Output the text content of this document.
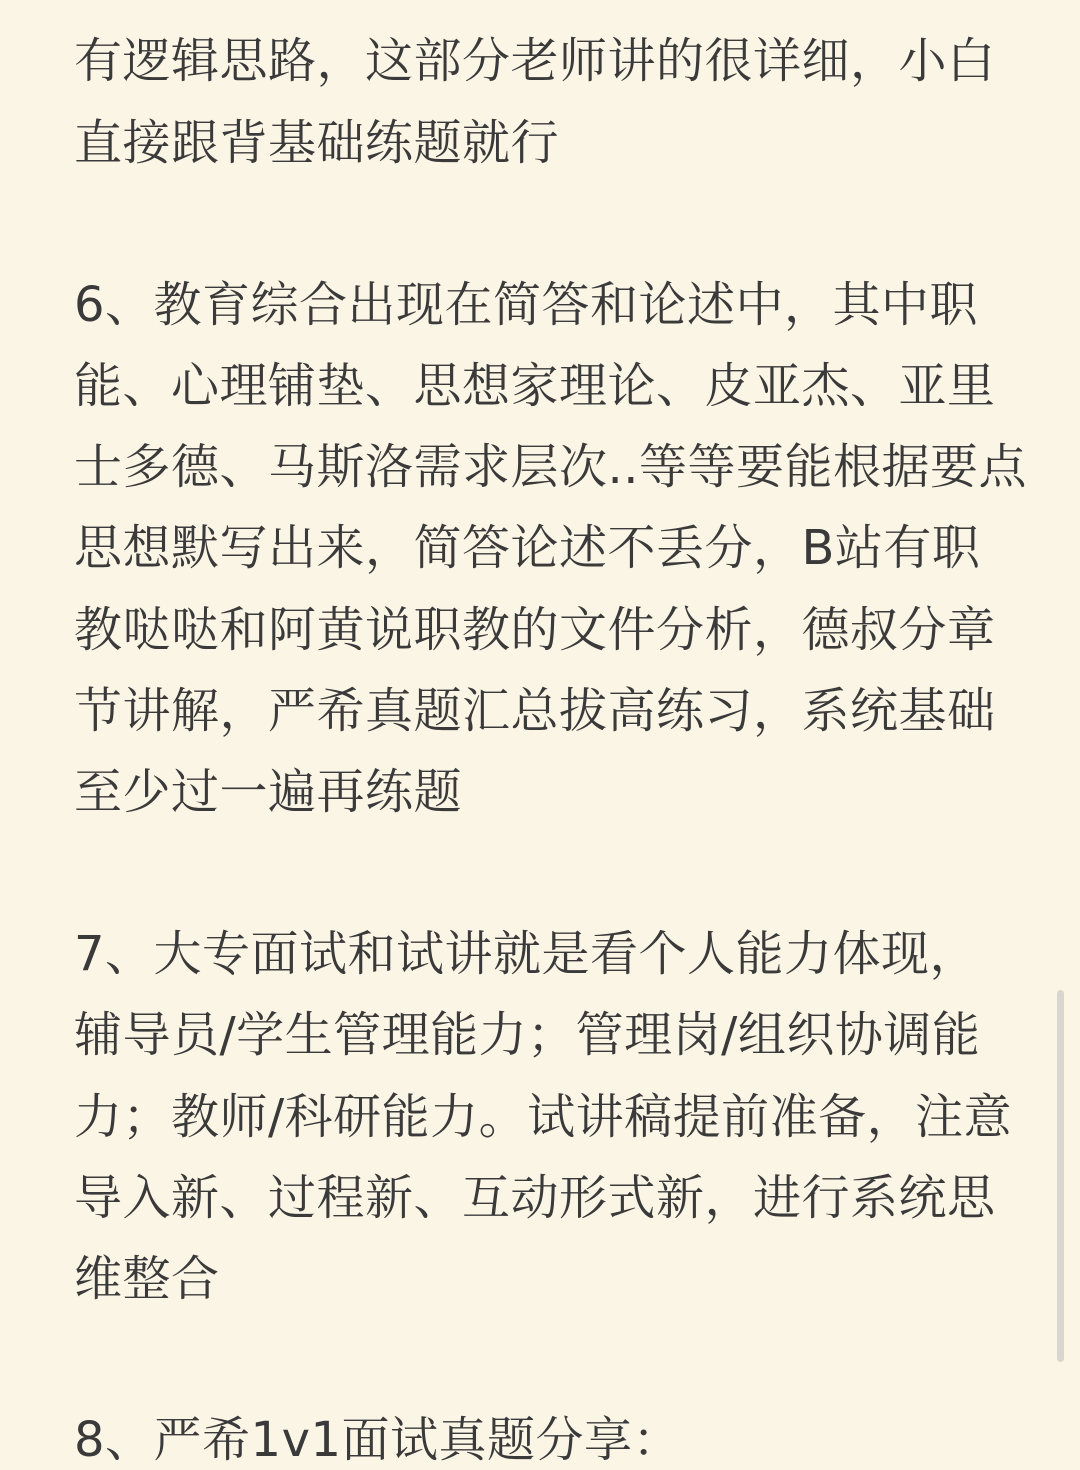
有逻辑思路，这部分老师讲的很详细，小白
直接跟背基础练题就行
6、教育综合出现在简答和论述中，其中职
能、心理铺垫、思想家理论、皮亚杰、亚里
士多德、马斯洛需求层次..等等要能根据要点
思想默写出来，简答论述不丢分，B站有职
教哒哒和阿黄说职教的文件分析，德叔分章
节讲解，严希真题汇总拔高练习，系统基础
至少过一遍再练题
7、大专面试和试讲就是看个人能力体现，
辅导员/学生管理能力；管理岗/组织协调能
力；教师/科研能力。试讲稿提前准备，注意
导入新、过程新、互动形式新，进行系统思
维整合
8、严希1v1面试真题分享：
